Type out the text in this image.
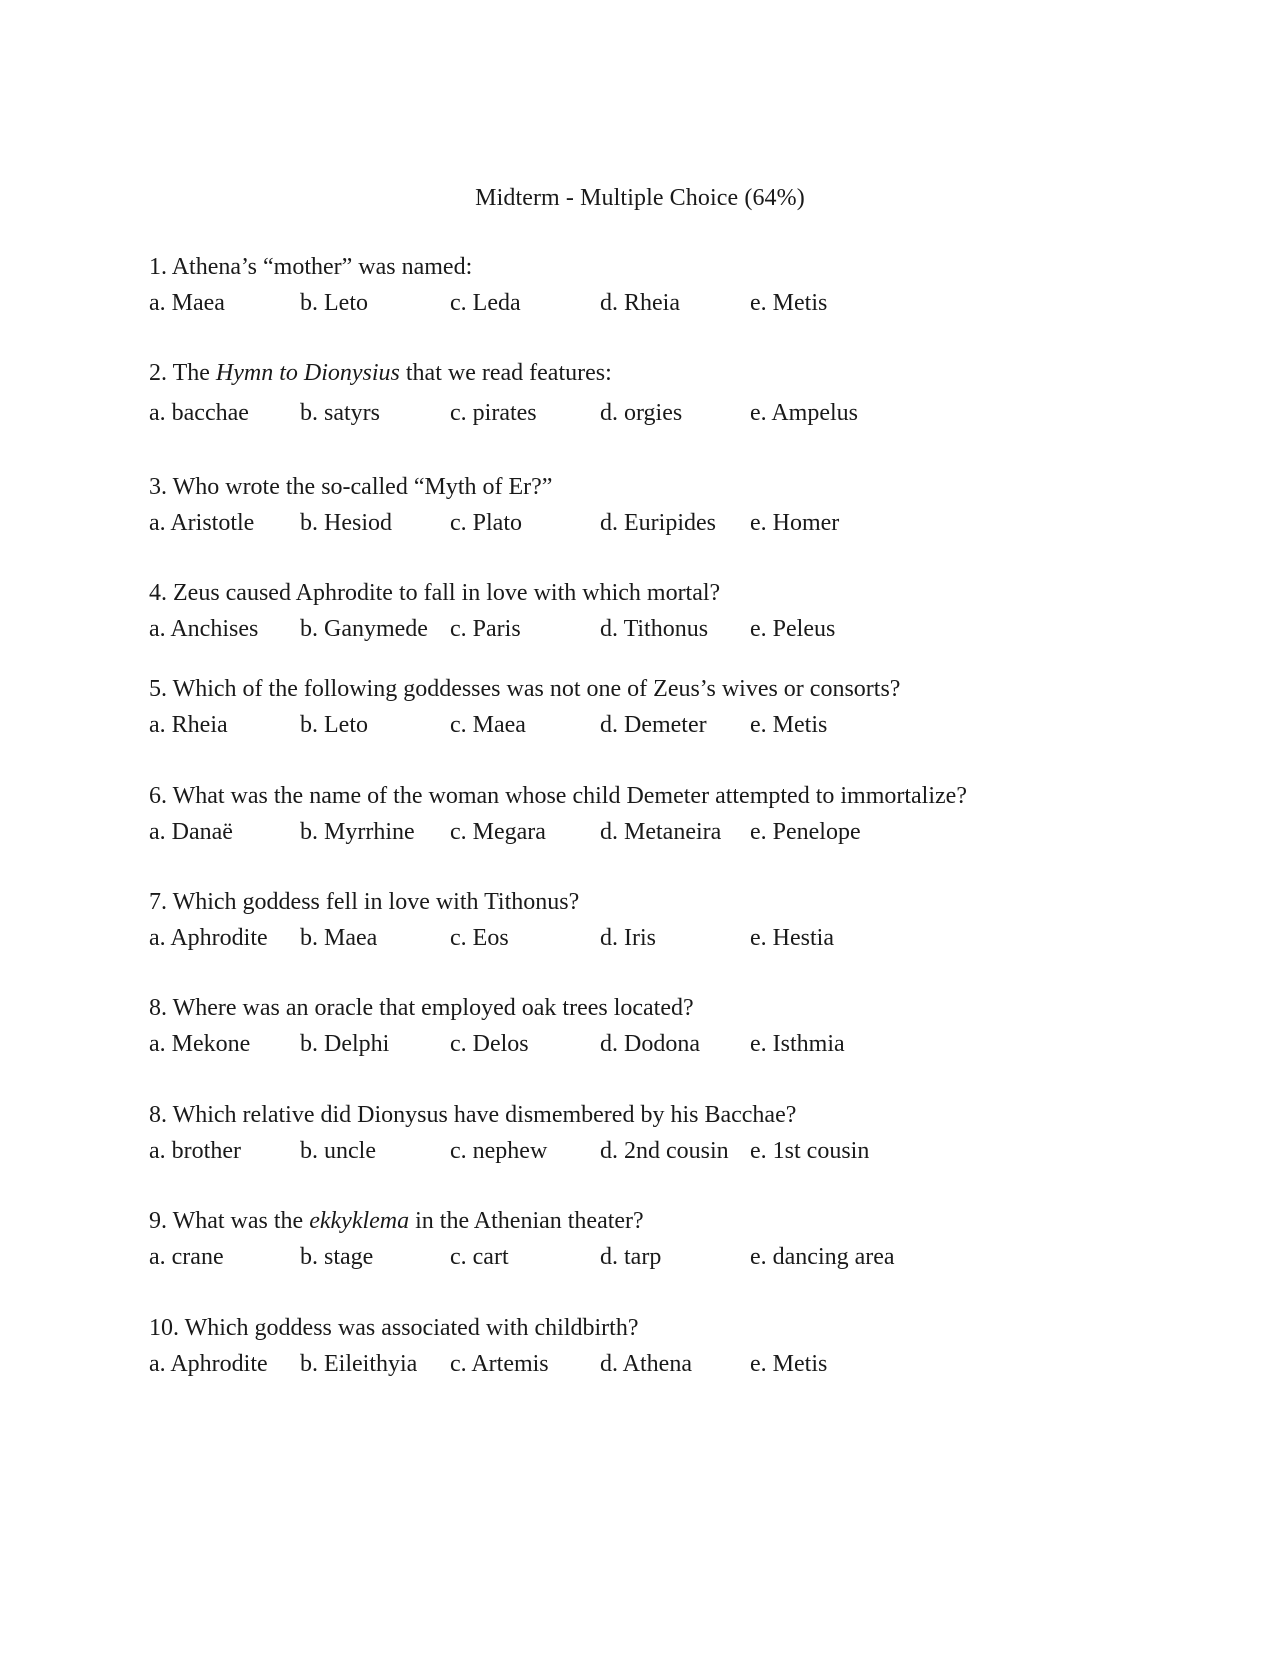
Midterm - Multiple Choice (64%)
1. Athena’s “mother” was named:
a. Maea	b. Leto	c. Leda	d. Rheia	e. Metis
2. The Hymn to Dionysius that we read features:
a. bacchae b. satyrs	c. pirates	d. orgies	e. Ampelus
3. Who wrote the so-called “Myth of Er?”
a. Aristotle b. Hesiod c. Plato	d. Euripides e. Homer
4. Zeus caused Aphrodite to fall in love with which mortal?
a. Anchises b. Ganymede c. Paris	d. Tithonus e. Peleus
5. Which of the following goddesses was not one of Zeus’s wives or consorts?
a. Rheia	b. Leto	c. Maea	d. Demeter e. Metis
6. What was the name of the woman whose child Demeter attempted to immortalize?
a. Danaë	b. Myrrhine c. Megara d. Metaneira e. Penelope
7. Which goddess fell in love with Tithonus?
a. Aphrodite b. Maea	c. Eos	d. Iris	e. Hestia
8. Where was an oracle that employed oak trees located?
a. Mekone b. Delphi	c. Delos	d. Dodona e. Isthmia
8. Which relative did Dionysus have dismembered by his Bacchae?
a. brother b. uncle	c. nephew d. 2nd cousin e. 1st cousin
9. What was the ekkyklema in the Athenian theater?
a. crane	b. stage	c. cart	d. tarp	e. dancing area
10. Which goddess was associated with childbirth?
a. Aphrodite b. Eileithyia c. Artemis d. Athena e. Metis
